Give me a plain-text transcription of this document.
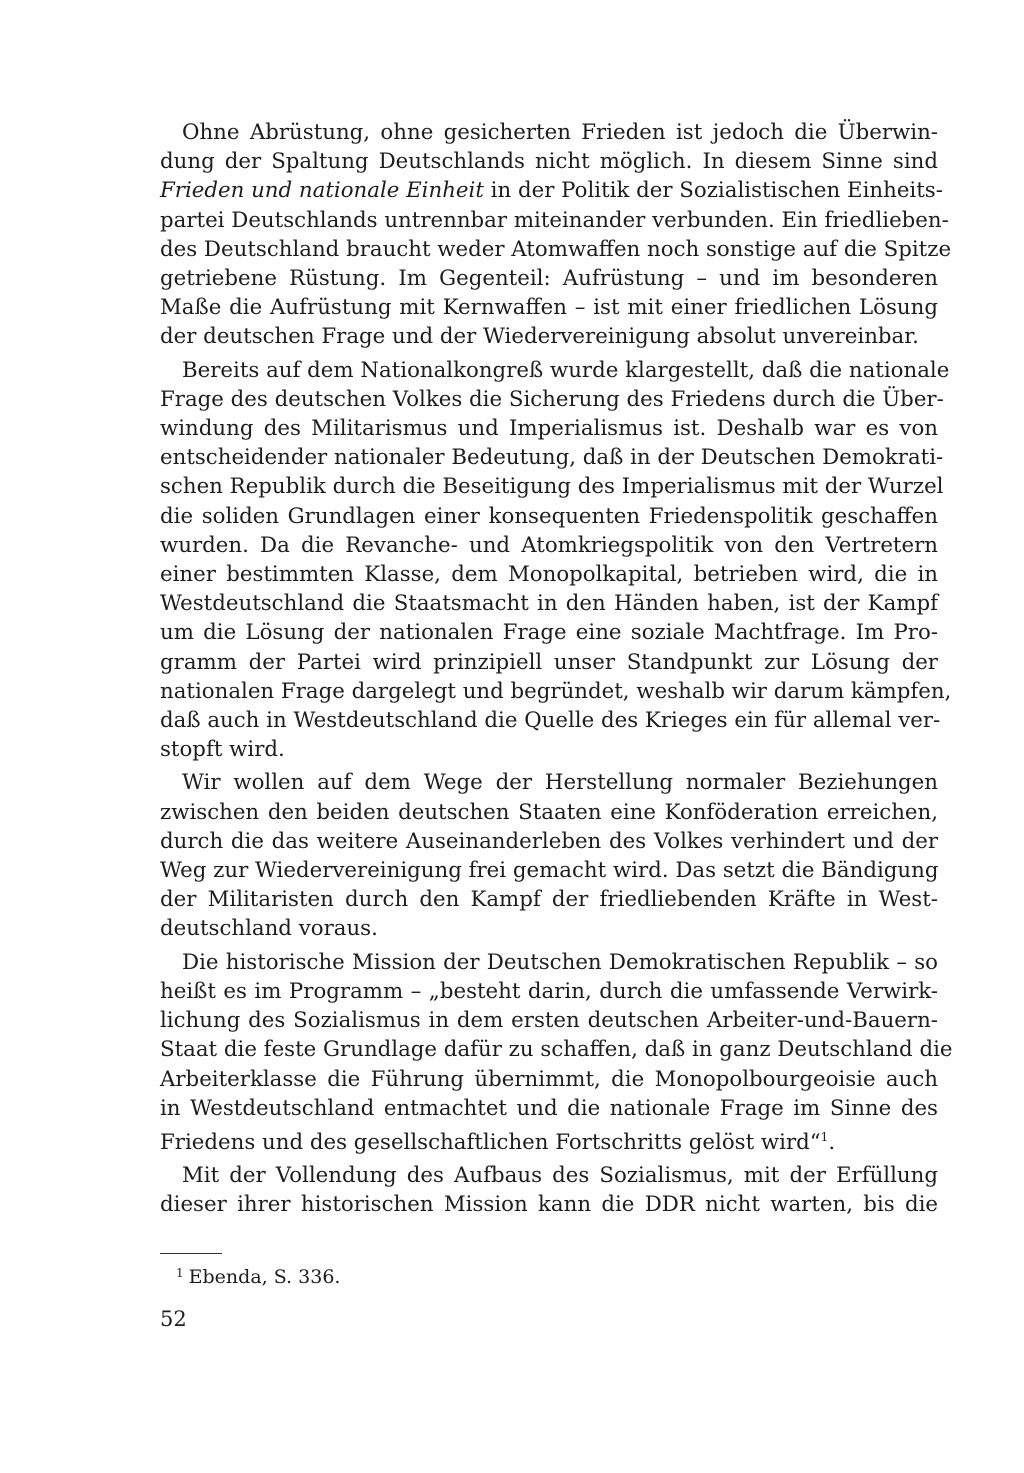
Ohne Abrüstung, ohne gesicherten Frieden ist jedoch die Überwin-
dung der Spaltung Deutschlands nicht möglich. In diesem Sinne sind
Frieden und nationale Einheit in der Politik der Sozialistischen Einheits-
partei Deutschlands untrennbar miteinander verbunden. Ein friedlieben-
des Deutschland braucht weder Atomwaffen noch sonstige auf die Spitze
getriebene Rüstung. Im Gegenteil: Aufrüstung – und im besonderen
Maße die Aufrüstung mit Kernwaffen – ist mit einer friedlichen Lösung
der deutschen Frage und der Wiedervereinigung absolut unvereinbar.

Bereits auf dem Nationalkongreß wurde klargestellt, daß die nationale
Frage des deutschen Volkes die Sicherung des Friedens durch die Über-
windung des Militarismus und Imperialismus ist. Deshalb war es von
entscheidender nationaler Bedeutung, daß in der Deutschen Demokrati-
schen Republik durch die Beseitigung des Imperialismus mit der Wurzel
die soliden Grundlagen einer konsequenten Friedenspolitik geschaffen
wurden. Da die Revanche- und Atomkriegspolitik von den Vertretern
einer bestimmten Klasse, dem Monopolkapital, betrieben wird, die in
Westdeutschland die Staatsmacht in den Händen haben, ist der Kampf
um die Lösung der nationalen Frage eine soziale Machtfrage. Im Pro-
gramm der Partei wird prinzipiell unser Standpunkt zur Lösung der
nationalen Frage dargelegt und begründet, weshalb wir darum kämpfen,
daß auch in Westdeutschland die Quelle des Krieges ein für allemal ver-
stopft wird.

Wir wollen auf dem Wege der Herstellung normaler Beziehungen
zwischen den beiden deutschen Staaten eine Konföderation erreichen,
durch die das weitere Auseinanderleben des Volkes verhindert und der
Weg zur Wiedervereinigung frei gemacht wird. Das setzt die Bändigung
der Militaristen durch den Kampf der friedliebenden Kräfte in West-
deutschland voraus.

Die historische Mission der Deutschen Demokratischen Republik – so
heißt es im Programm – „besteht darin, durch die umfassende Verwirk-
lichung des Sozialismus in dem ersten deutschen Arbeiter-und-Bauern-
Staat die feste Grundlage dafür zu schaffen, daß in ganz Deutschland die
Arbeiterklasse die Führung übernimmt, die Monopolbourgeoisie auch
in Westdeutschland entmachtet und die nationale Frage im Sinne des
Friedens und des gesellschaftlichen Fortschritts gelöst wird“$^1$.

Mit der Vollendung des Aufbaus des Sozialismus, mit der Erfüllung
dieser ihrer historischen Mission kann die DDR nicht warten, bis die

$^1$ Ebenda, S. 336.
52
